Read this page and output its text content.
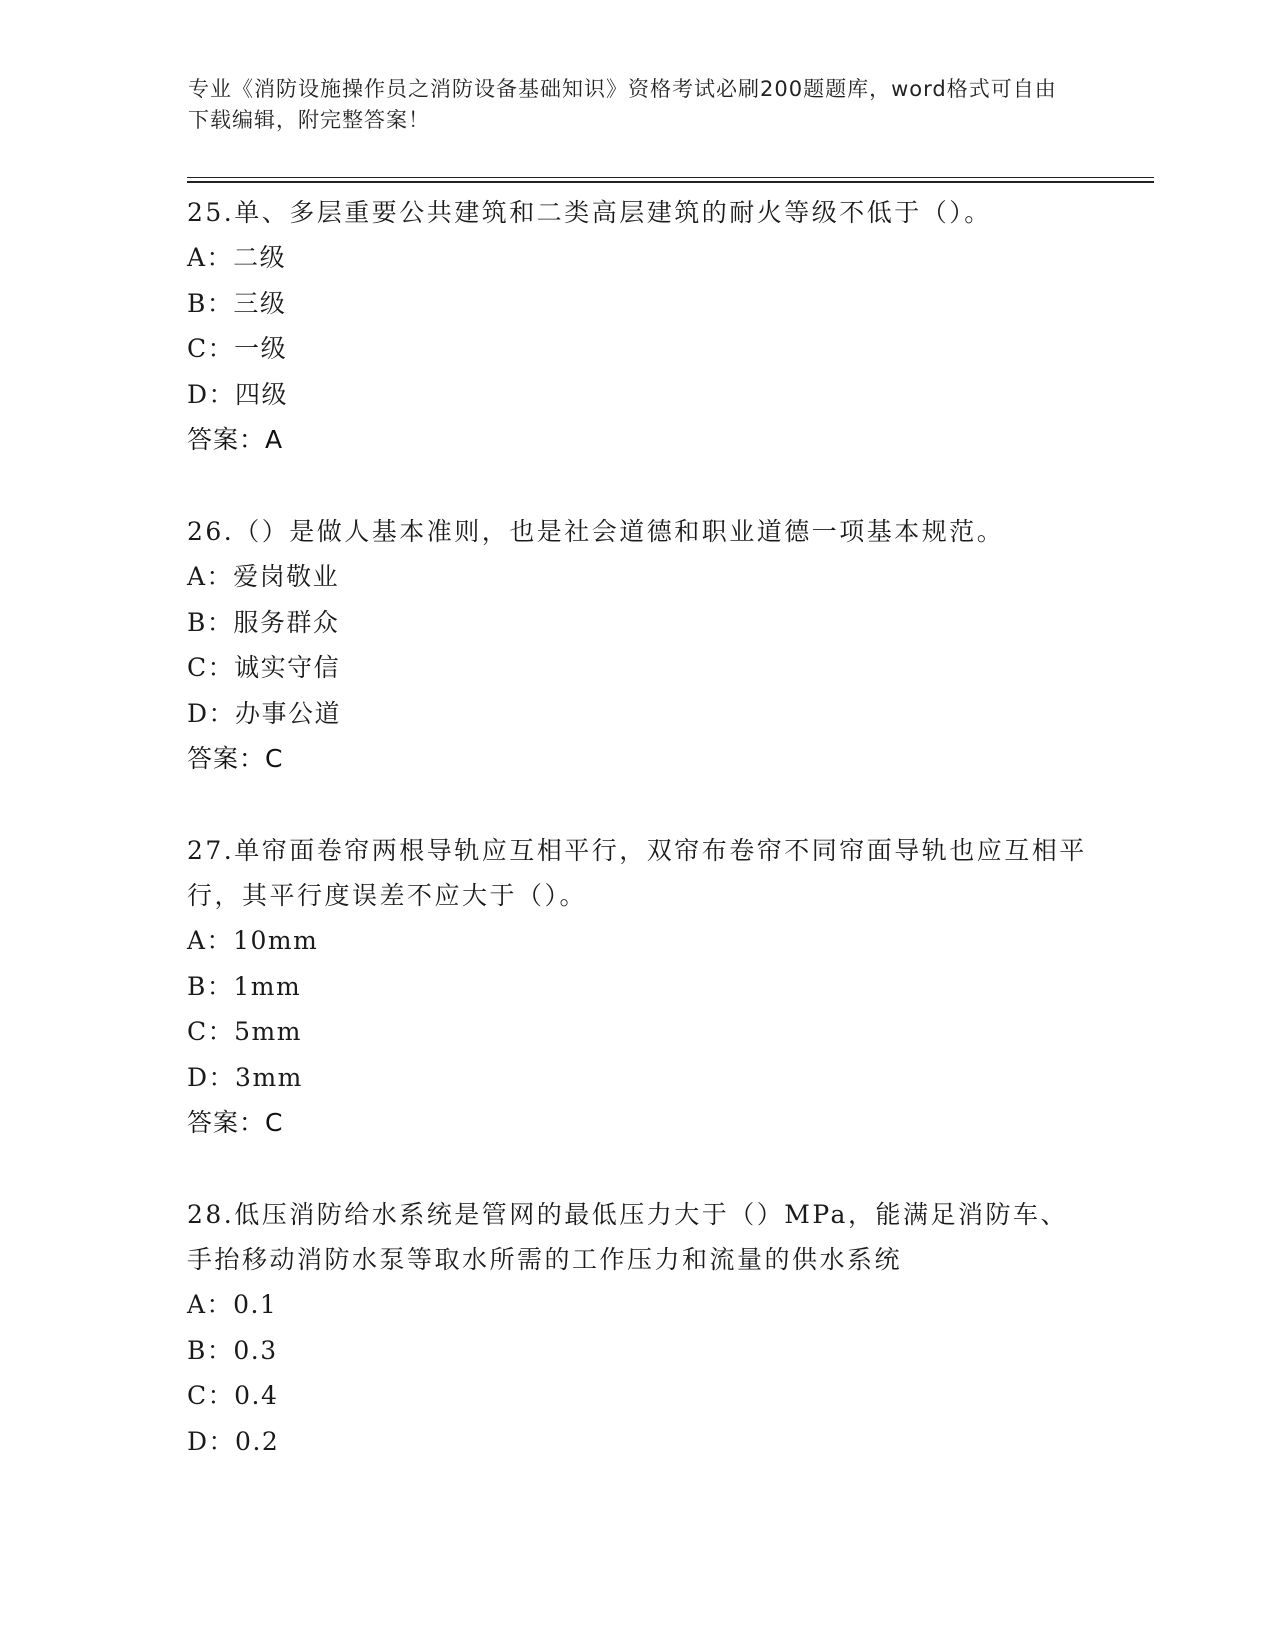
专业《消防设施操作员之消防设备基础知识》资格考试必刷200题题库，word格式可自由下载编辑，附完整答案！
25.单、多层重要公共建筑和二类高层建筑的耐火等级不低于（）。
A：二级
B：三级
C：一级
D：四级
答案：A
26.（）是做人基本准则，也是社会道德和职业道德一项基本规范。
A：爱岗敬业
B：服务群众
C：诚实守信
D：办事公道
答案：C
27.单帘面卷帘两根导轨应互相平行，双帘布卷帘不同帘面导轨也应互相平行，其平行度误差不应大于（）。
A：10mm
B：1mm
C：5mm
D：3mm
答案：C
28.低压消防给水系统是管网的最低压力大于（）MPa，能满足消防车、手抬移动消防水泵等取水所需的工作压力和流量的供水系统
A：0.1
B：0.3
C：0.4
D：0.2
